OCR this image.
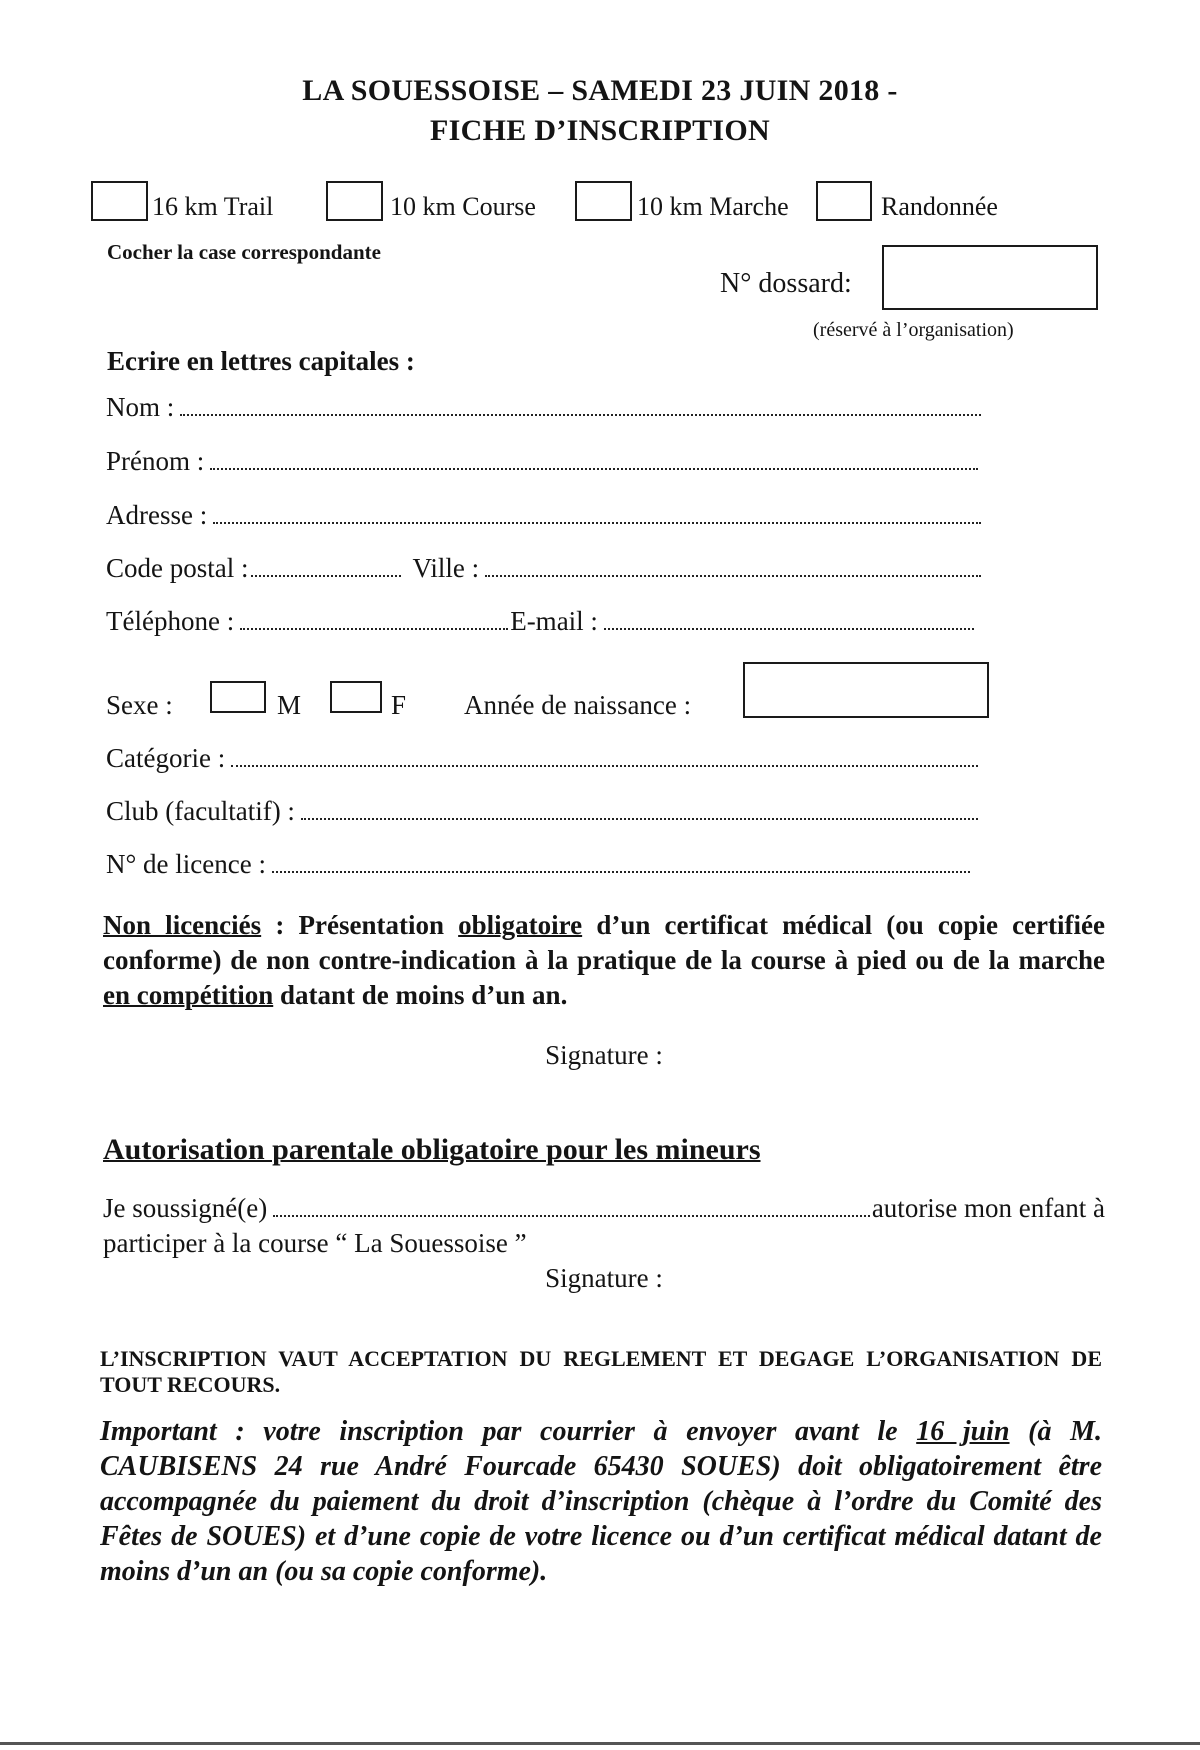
LA SOUESSOISE – SAMEDI 23 JUIN 2018 -
FICHE D’INSCRIPTION
16 km Trail	10 km Course	10 km Marche	Randonnée
Cocher la case correspondante
N° dossard:
(réservé à l’organisation)
Ecrire en lettres capitales :
Nom :
Prénom :
Adresse :
Code postal :	Ville :
Téléphone :	E-mail :
Sexe :	M	F Année de naissance :
Catégorie :
Club (facultatif) :
N° de licence :
Non licenciés : Présentation obligatoire d’un certificat médical (ou copie certifiée conforme) de non contre-indication à la pratique de la course à pied ou de la marche en compétition datant de moins d’un an.
Signature :
Autorisation parentale obligatoire pour les mineurs
Je soussigné(e)	autorise mon enfant à
participer à la course “ La Souessoise ”
Signature :
L’INSCRIPTION VAUT ACCEPTATION DU REGLEMENT ET DEGAGE L’ORGANISATION DE TOUT RECOURS.
Important : votre inscription par courrier à envoyer avant le 16 juin (à M. CAUBISENS 24 rue André Fourcade 65430 SOUES) doit obligatoirement être accompagnée du paiement du droit d’inscription (chèque à l’ordre du Comité des Fêtes de SOUES) et d’une copie de votre licence ou d’un certificat médical datant de moins d’un an (ou sa copie conforme).
